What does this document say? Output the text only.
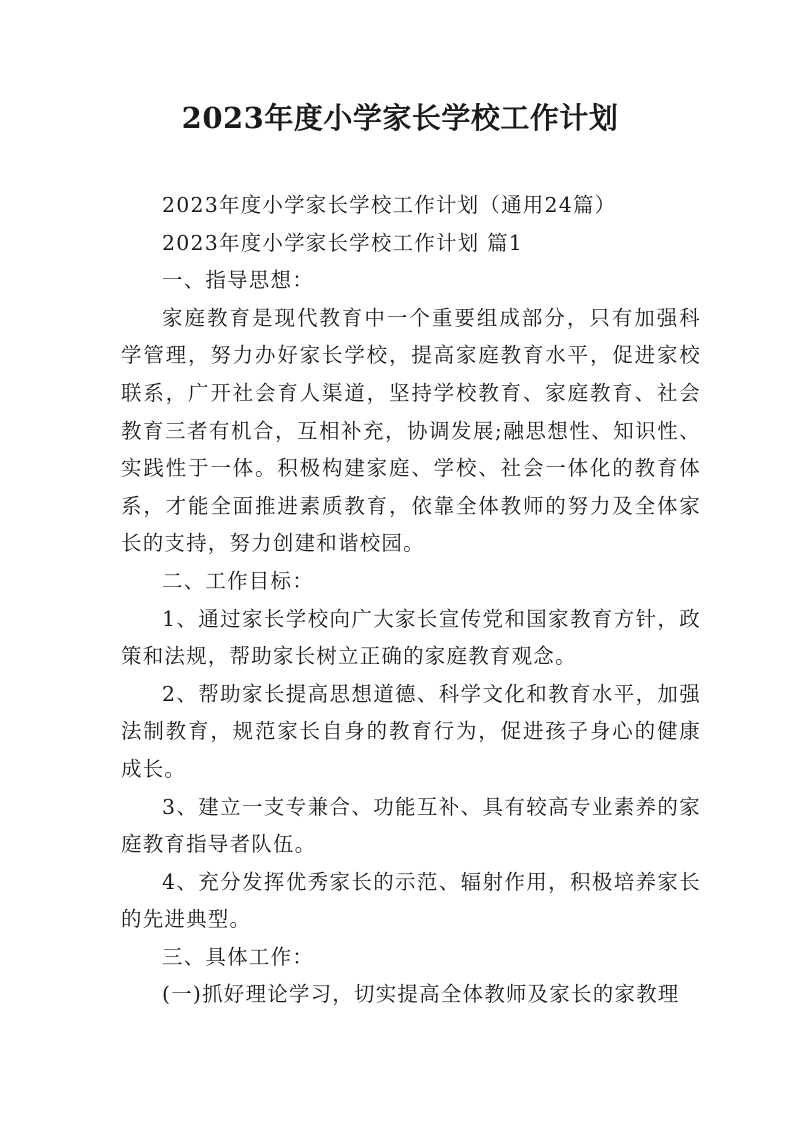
2023年度小学家长学校工作计划

2023年度小学家长学校工作计划（通用24篇）

2023年度小学家长学校工作计划 篇1

一、指导思想：

家庭教育是现代教育中一个重要组成部分，只有加强科学管理，努力办好家长学校，提高家庭教育水平，促进家校联系，广开社会育人渠道，坚持学校教育、家庭教育、社会教育三者有机合，互相补充，协调发展;融思想性、知识性、实践性于一体。积极构建家庭、学校、社会一体化的教育体系，才能全面推进素质教育，依靠全体教师的努力及全体家长的支持，努力创建和谐校园。

二、工作目标：

1、通过家长学校向广大家长宣传党和国家教育方针，政策和法规，帮助家长树立正确的家庭教育观念。

2、帮助家长提高思想道德、科学文化和教育水平，加强法制教育，规范家长自身的教育行为，促进孩子身心的健康成长。

3、建立一支专兼合、功能互补、具有较高专业素养的家庭教育指导者队伍。

4、充分发挥优秀家长的示范、辐射作用，积极培养家长的先进典型。

三、具体工作：

(一)抓好理论学习，切实提高全体教师及家长的家教理
